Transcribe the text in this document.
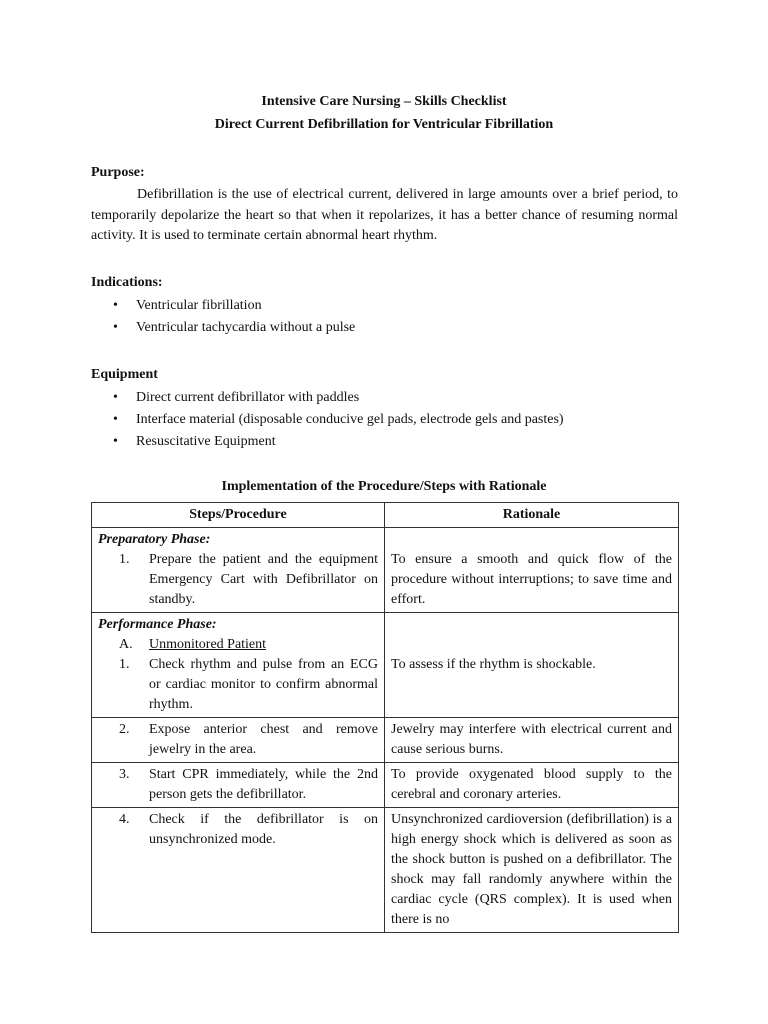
Intensive Care Nursing – Skills Checklist
Direct Current Defibrillation for Ventricular Fibrillation
Purpose:
Defibrillation is the use of electrical current, delivered in large amounts over a brief period, to temporarily depolarize the heart so that when it repolarizes, it has a better chance of resuming normal activity. It is used to terminate certain abnormal heart rhythm.
Indications:
• Ventricular fibrillation
• Ventricular tachycardia without a pulse
Equipment
• Direct current defibrillator with paddles
• Interface material (disposable conducive gel pads, electrode gels and pastes)
• Resuscitative Equipment
Implementation of the Procedure/Steps with Rationale
Steps/Procedure	Rationale

Preparatory Phase:
1. Prepare the patient and the equipment Emergency Cart with Defibrillator on standby.	To ensure a smooth and quick flow of the procedure without interruptions; to save time and effort.

Performance Phase:
A. Unmonitored Patient
1. Check rhythm and pulse from an ECG or cardiac monitor to confirm abnormal rhythm.	To assess if the rhythm is shockable.

2. Expose anterior chest and remove jewelry in the area.	Jewelry may interfere with electrical current and cause serious burns.

3. Start CPR immediately, while the 2nd person gets the defibrillator.	To provide oxygenated blood supply to the cerebral and coronary arteries.

4. Check if the defibrillator is on unsynchronized mode.	Unsynchronized cardioversion (defibrillation) is a high energy shock which is delivered as soon as the shock button is pushed on a defibrillator. The shock may fall randomly anywhere within the cardiac cycle (QRS complex). It is used when there is no
